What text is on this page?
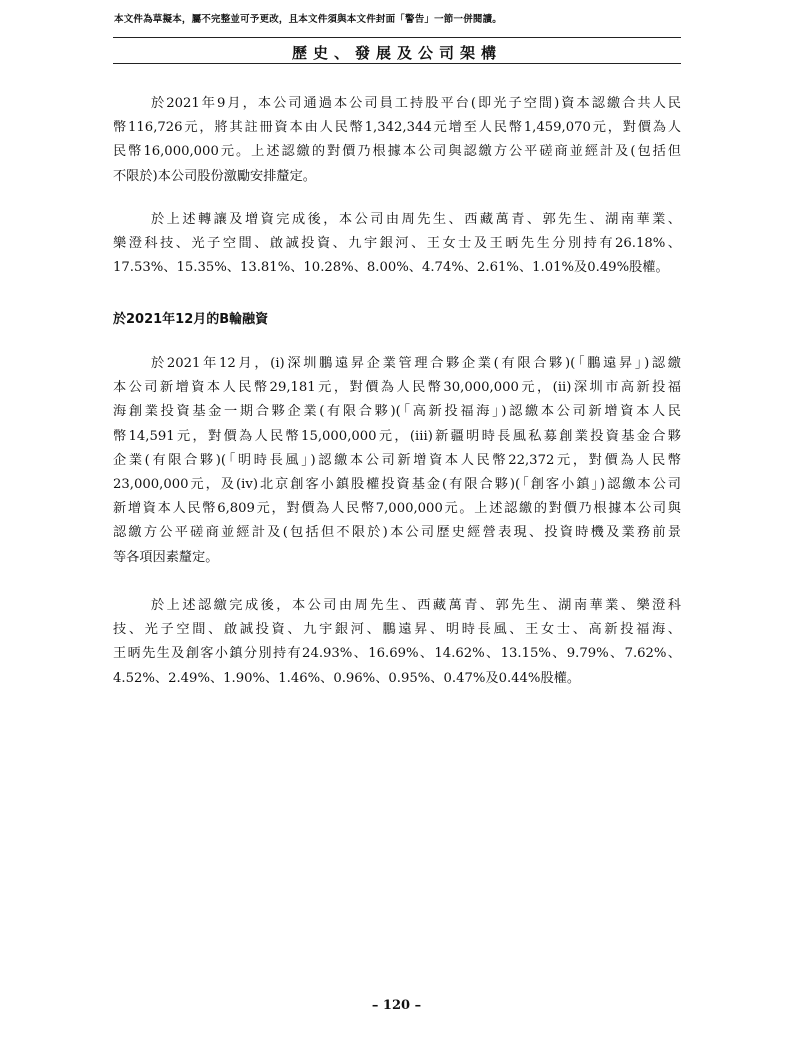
本文件為草擬本，屬不完整並可予更改，且本文件須與本文件封面「警告」一節一併閱讀。
歷史、發展及公司架構
於2021年9月，本公司通過本公司員工持股平台(即光子空間)資本認繳合共人民
幣116,726元，將其註冊資本由人民幣1,342,344元增至人民幣1,459,070元，對價為人
民幣16,000,000元。上述認繳的對價乃根據本公司與認繳方公平磋商並經計及(包括但
不限於)本公司股份激勵安排釐定。
於上述轉讓及增資完成後，本公司由周先生、西藏萬青、郭先生、湖南華業、
樂澄科技、光子空間、啟誠投資、九宇銀河、王女士及王昞先生分別持有26.18%、
17.53%、15.35%、13.81%、10.28%、8.00%、4.74%、2.61%、1.01%及0.49%股權。
於2021年12月的B輪融資
於2021年12月，(i)深圳鵬遠昇企業管理合夥企業(有限合夥)(「鵬遠昇」)認繳
本公司新增資本人民幣29,181元，對價為人民幣30,000,000元，(ii)深圳市高新投福
海創業投資基金一期合夥企業(有限合夥)(「高新投福海」)認繳本公司新增資本人民
幣14,591元，對價為人民幣15,000,000元，(iii)新疆明時長風私募創業投資基金合夥
企業(有限合夥)(「明時長風」)認繳本公司新增資本人民幣22,372元，對價為人民幣
23,000,000元，及(iv)北京創客小鎮股權投資基金(有限合夥)(「創客小鎮」)認繳本公司
新增資本人民幣6,809元，對價為人民幣7,000,000元。上述認繳的對價乃根據本公司與
認繳方公平磋商並經計及(包括但不限於)本公司歷史經營表現、投資時機及業務前景
等各項因素釐定。
於上述認繳完成後，本公司由周先生、西藏萬青、郭先生、湖南華業、樂澄科
技、光子空間、啟誠投資、九宇銀河、鵬遠昇、明時長風、王女士、高新投福海、
王昞先生及創客小鎮分別持有24.93%、16.69%、14.62%、13.15%、9.79%、7.62%、
4.52%、2.49%、1.90%、1.46%、0.96%、0.95%、0.47%及0.44%股權。
– 120 –
